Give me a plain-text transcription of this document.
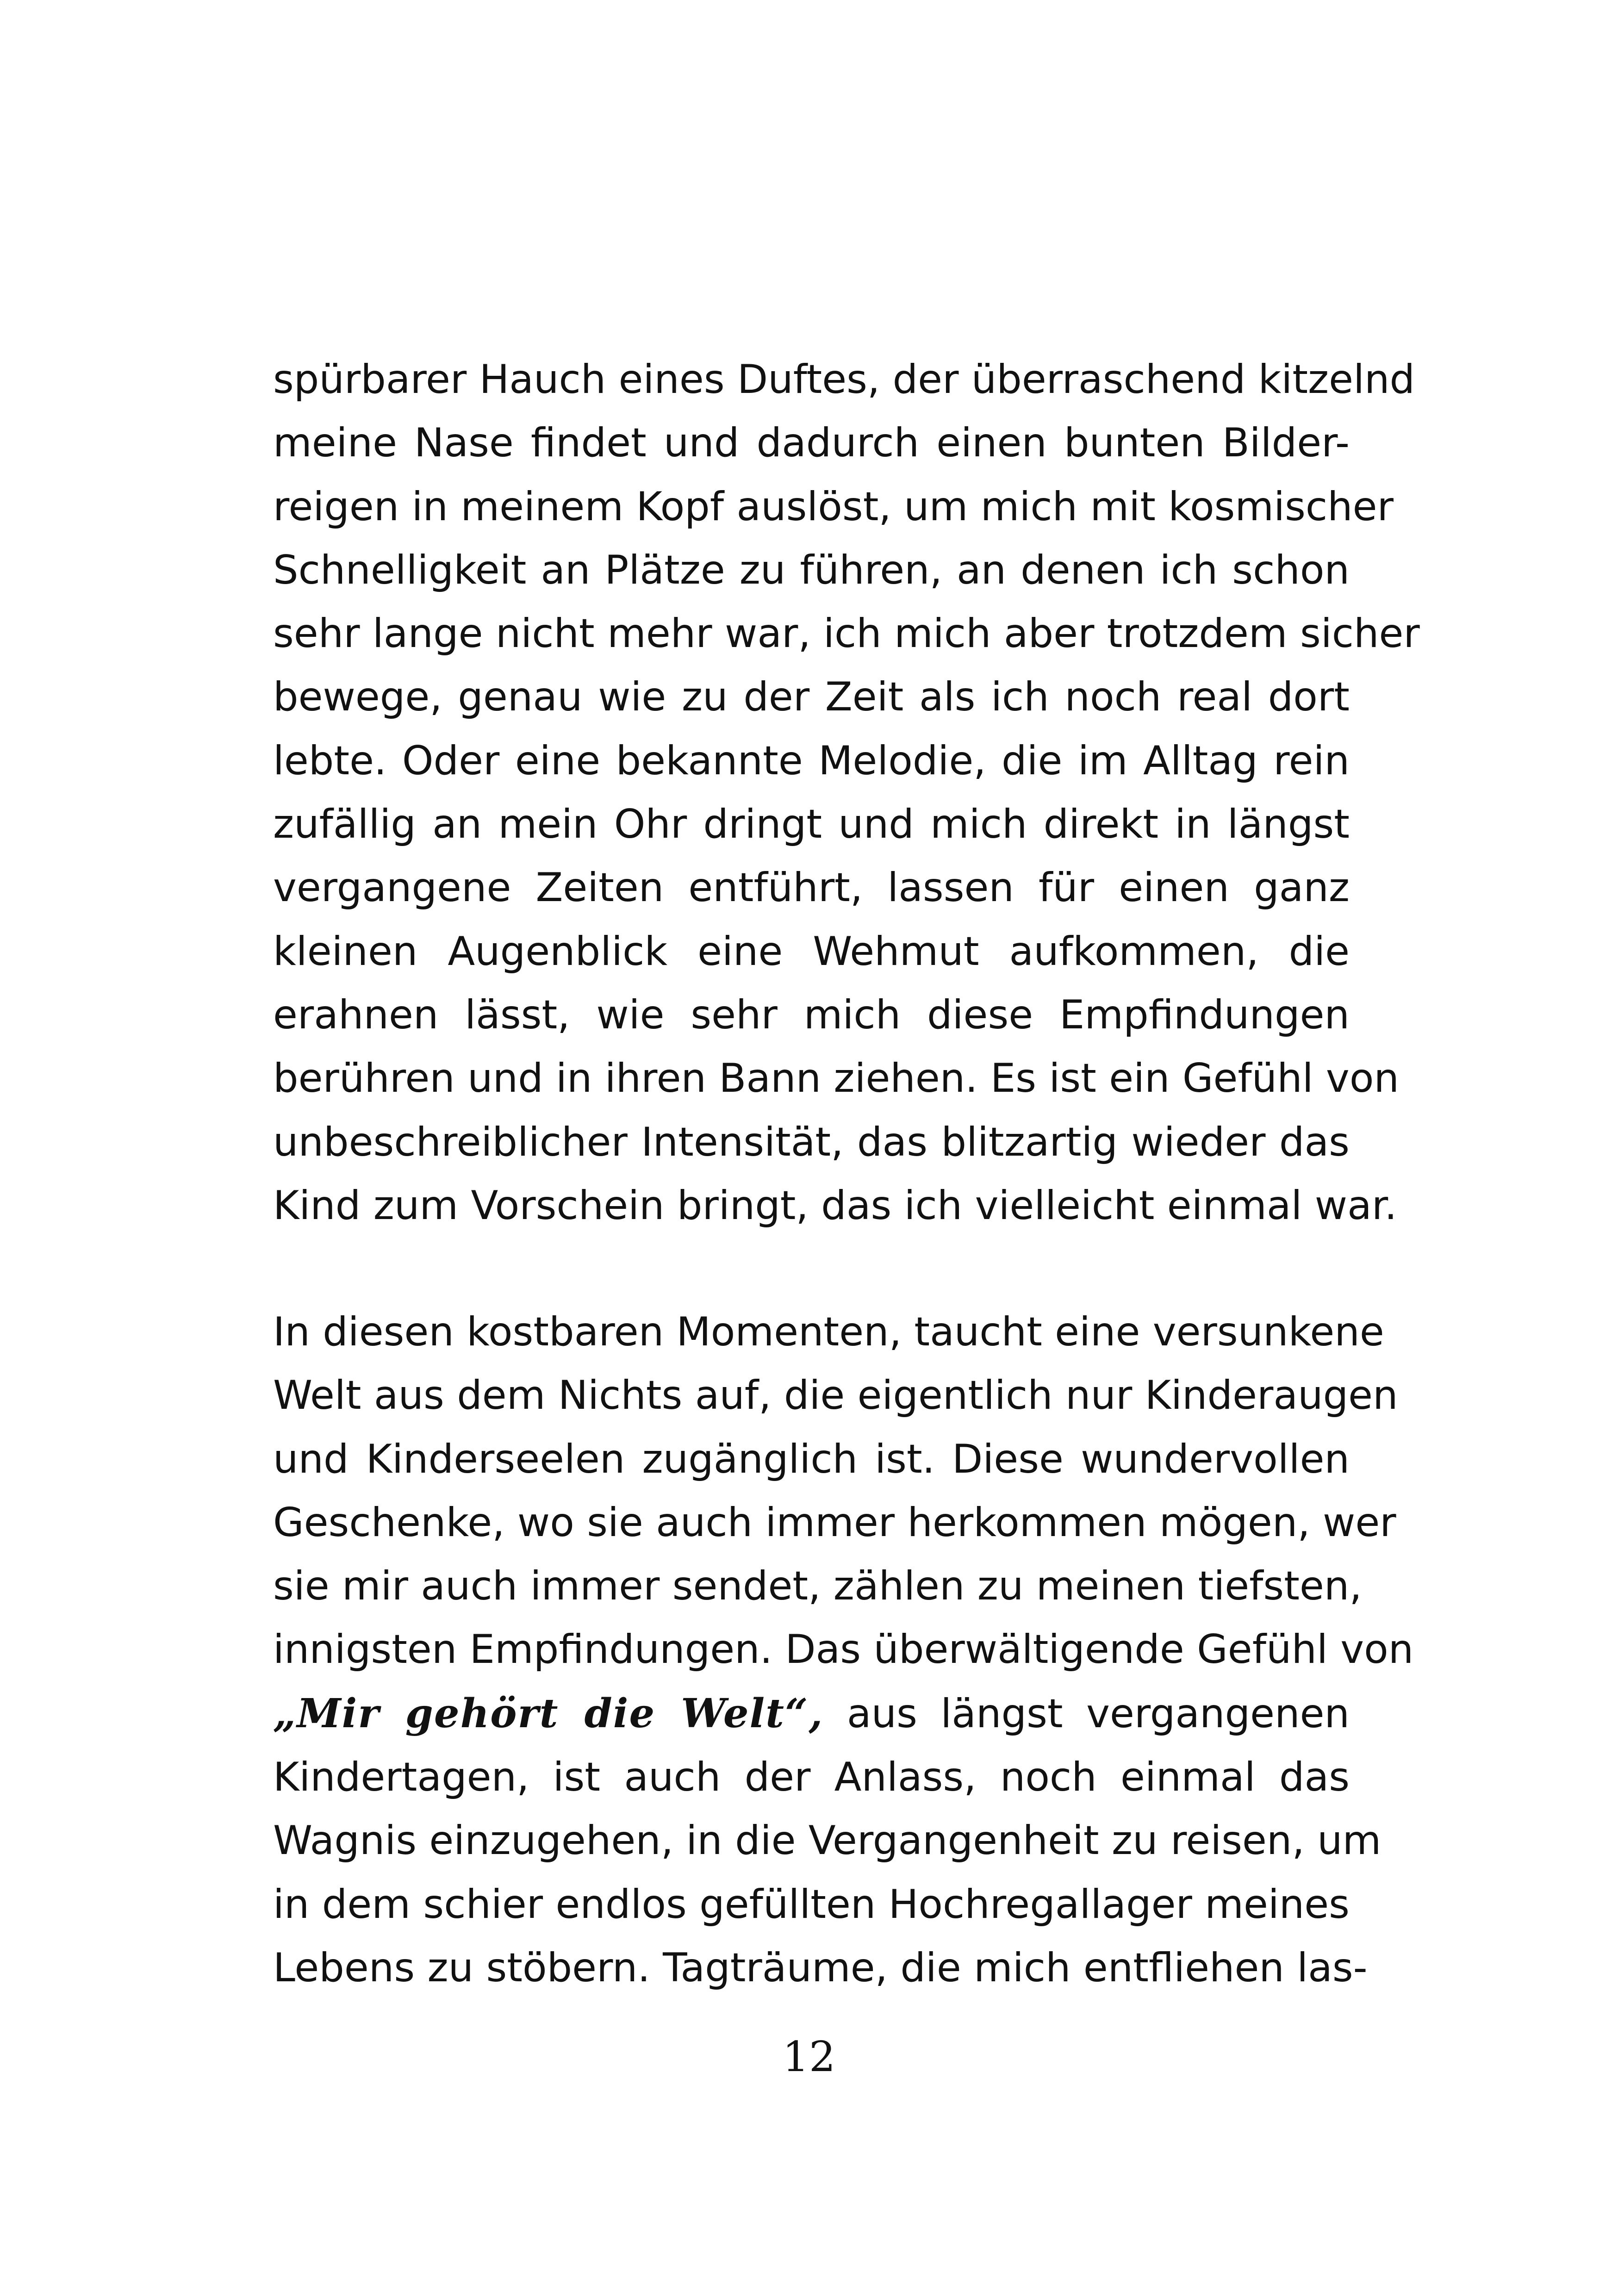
spürbarer Hauch eines Duftes, der überraschend kitzelnd
meine Nase findet und dadurch einen bunten Bilder-
reigen in meinem Kopf auslöst, um mich mit kosmischer
Schnelligkeit an Plätze zu führen, an denen ich schon
sehr lange nicht mehr war, ich mich aber trotzdem sicher
bewege, genau wie zu der Zeit als ich noch real dort
lebte. Oder eine bekannte Melodie, die im Alltag rein
zufällig an mein Ohr dringt und mich direkt in längst
vergangene Zeiten entführt, lassen für einen ganz
kleinen Augenblick eine Wehmut aufkommen, die
erahnen lässt, wie sehr mich diese Empfindungen
berühren und in ihren Bann ziehen. Es ist ein Gefühl von
unbeschreiblicher Intensität, das blitzartig wieder das
Kind zum Vorschein bringt, das ich vielleicht einmal war.
In diesen kostbaren Momenten, taucht eine versunkene
Welt aus dem Nichts auf, die eigentlich nur Kinderaugen
und Kinderseelen zugänglich ist. Diese wundervollen
Geschenke, wo sie auch immer herkommen mögen, wer
sie mir auch immer sendet, zählen zu meinen tiefsten,
innigsten Empfindungen. Das überwältigende Gefühl von
„Mir gehört die Welt“, aus längst vergangenen
Kindertagen, ist auch der Anlass, noch einmal das
Wagnis einzugehen, in die Vergangenheit zu reisen, um
in dem schier endlos gefüllten Hochregallager meines
Lebens zu stöbern. Tagträume, die mich entfliehen las-
12
